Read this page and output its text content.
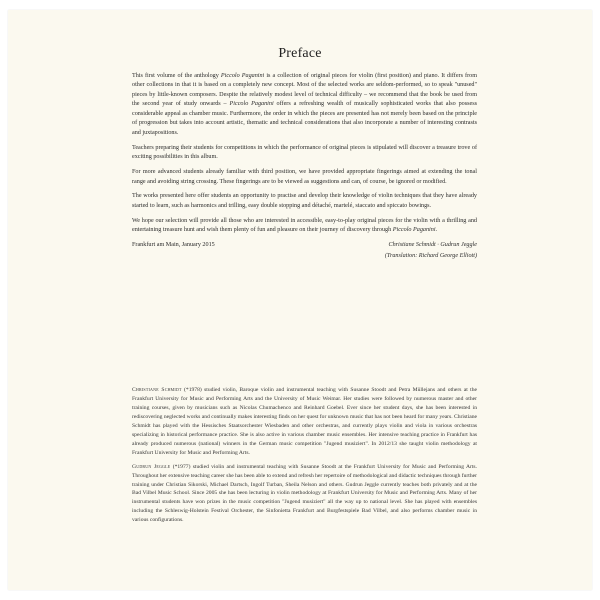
Preface

This first volume of the anthology Piccolo Paganini is a collection of original pieces for violin (first position) and piano. It differs from other collections in that it is based on a completely new concept. Most of the selected works are seldom-performed, so to speak "unused" pieces by little-known composers. Despite the relatively modest level of technical difficulty – we recommend that the book be used from the second year of study onwards – Piccolo Paganini offers a refreshing wealth of musically sophisticated works that also possess considerable appeal as chamber music. Furthermore, the order in which the pieces are presented has not merely been based on the principle of progression but takes into account artistic, thematic and technical considerations that also incorporate a number of interesting contrasts and juxtapositions.

Teachers preparing their students for competitions in which the performance of original pieces is stipulated will discover a treasure trove of exciting possibilities in this album.

For more advanced students already familiar with third position, we have provided appropriate fingerings aimed at extending the tonal range and avoiding string crossing. These fingerings are to be viewed as suggestions and can, of course, be ignored or modified.

The works presented here offer students an opportunity to practise and develop their knowledge of violin techniques that they have already started to learn, such as harmonics and trilling, easy double stopping and détaché, martelé, staccato and spiccato bowings.

We hope our selection will provide all those who are interested in accessible, easy-to-play original pieces for the violin with a thrilling and entertaining treasure hunt and wish them plenty of fun and pleasure on their journey of discovery through Piccolo Paganini.

Frankfurt am Main, January 2015	Christiane Schmidt · Gudrun Jeggle
(Translation: Richard George Elliott)

Christiane Schmidt (*1978) studied violin, Baroque violin and instrumental teaching with Susanne Stoodt and Petra Müllejans and others at the Frankfurt University for Music and Performing Arts and the University of Music Weimar. Her studies were followed by numerous master and other training courses, given by musicians such as Nicolas Chumachenco and Reinhard Goebel. Ever since her student days, she has been interested in rediscovering neglected works and continually makes interesting finds on her quest for unknown music that has not been heard for many years. Christiane Schmidt has played with the Hessisches Staatsorchester Wiesbaden and other orchestras, and currently plays violin and viola in various orchestras specializing in historical performance practice. She is also active in various chamber music ensembles. Her intensive teaching practice in Frankfurt has already produced numerous (national) winners in the German music competition "Jugend musiziert". In 2012/13 she taught violin methodology at Frankfurt University for Music and Performing Arts.

Gudrun Jeggle (*1977) studied violin and instrumental teaching with Susanne Stoodt at the Frankfurt University for Music and Performing Arts. Throughout her extensive teaching career she has been able to extend and refresh her repertoire of methodological and didactic techniques through further training under Christian Sikorski, Michael Dartsch, Ingolf Turban, Sheila Nelson and others. Gudrun Jeggle currently teaches both privately and at the Bad Vilbel Music School. Since 2005 she has been lecturing in violin methodology at Frankfurt University for Music and Performing Arts. Many of her instrumental students have won prizes in the music competition "Jugend musiziert" all the way up to national level. She has played with ensembles including the Schleswig-Holstein Festival Orchester, the Sinfonietta Frankfurt and Burgfestspiele Bad Vilbel, and also performs chamber music in various configurations.
